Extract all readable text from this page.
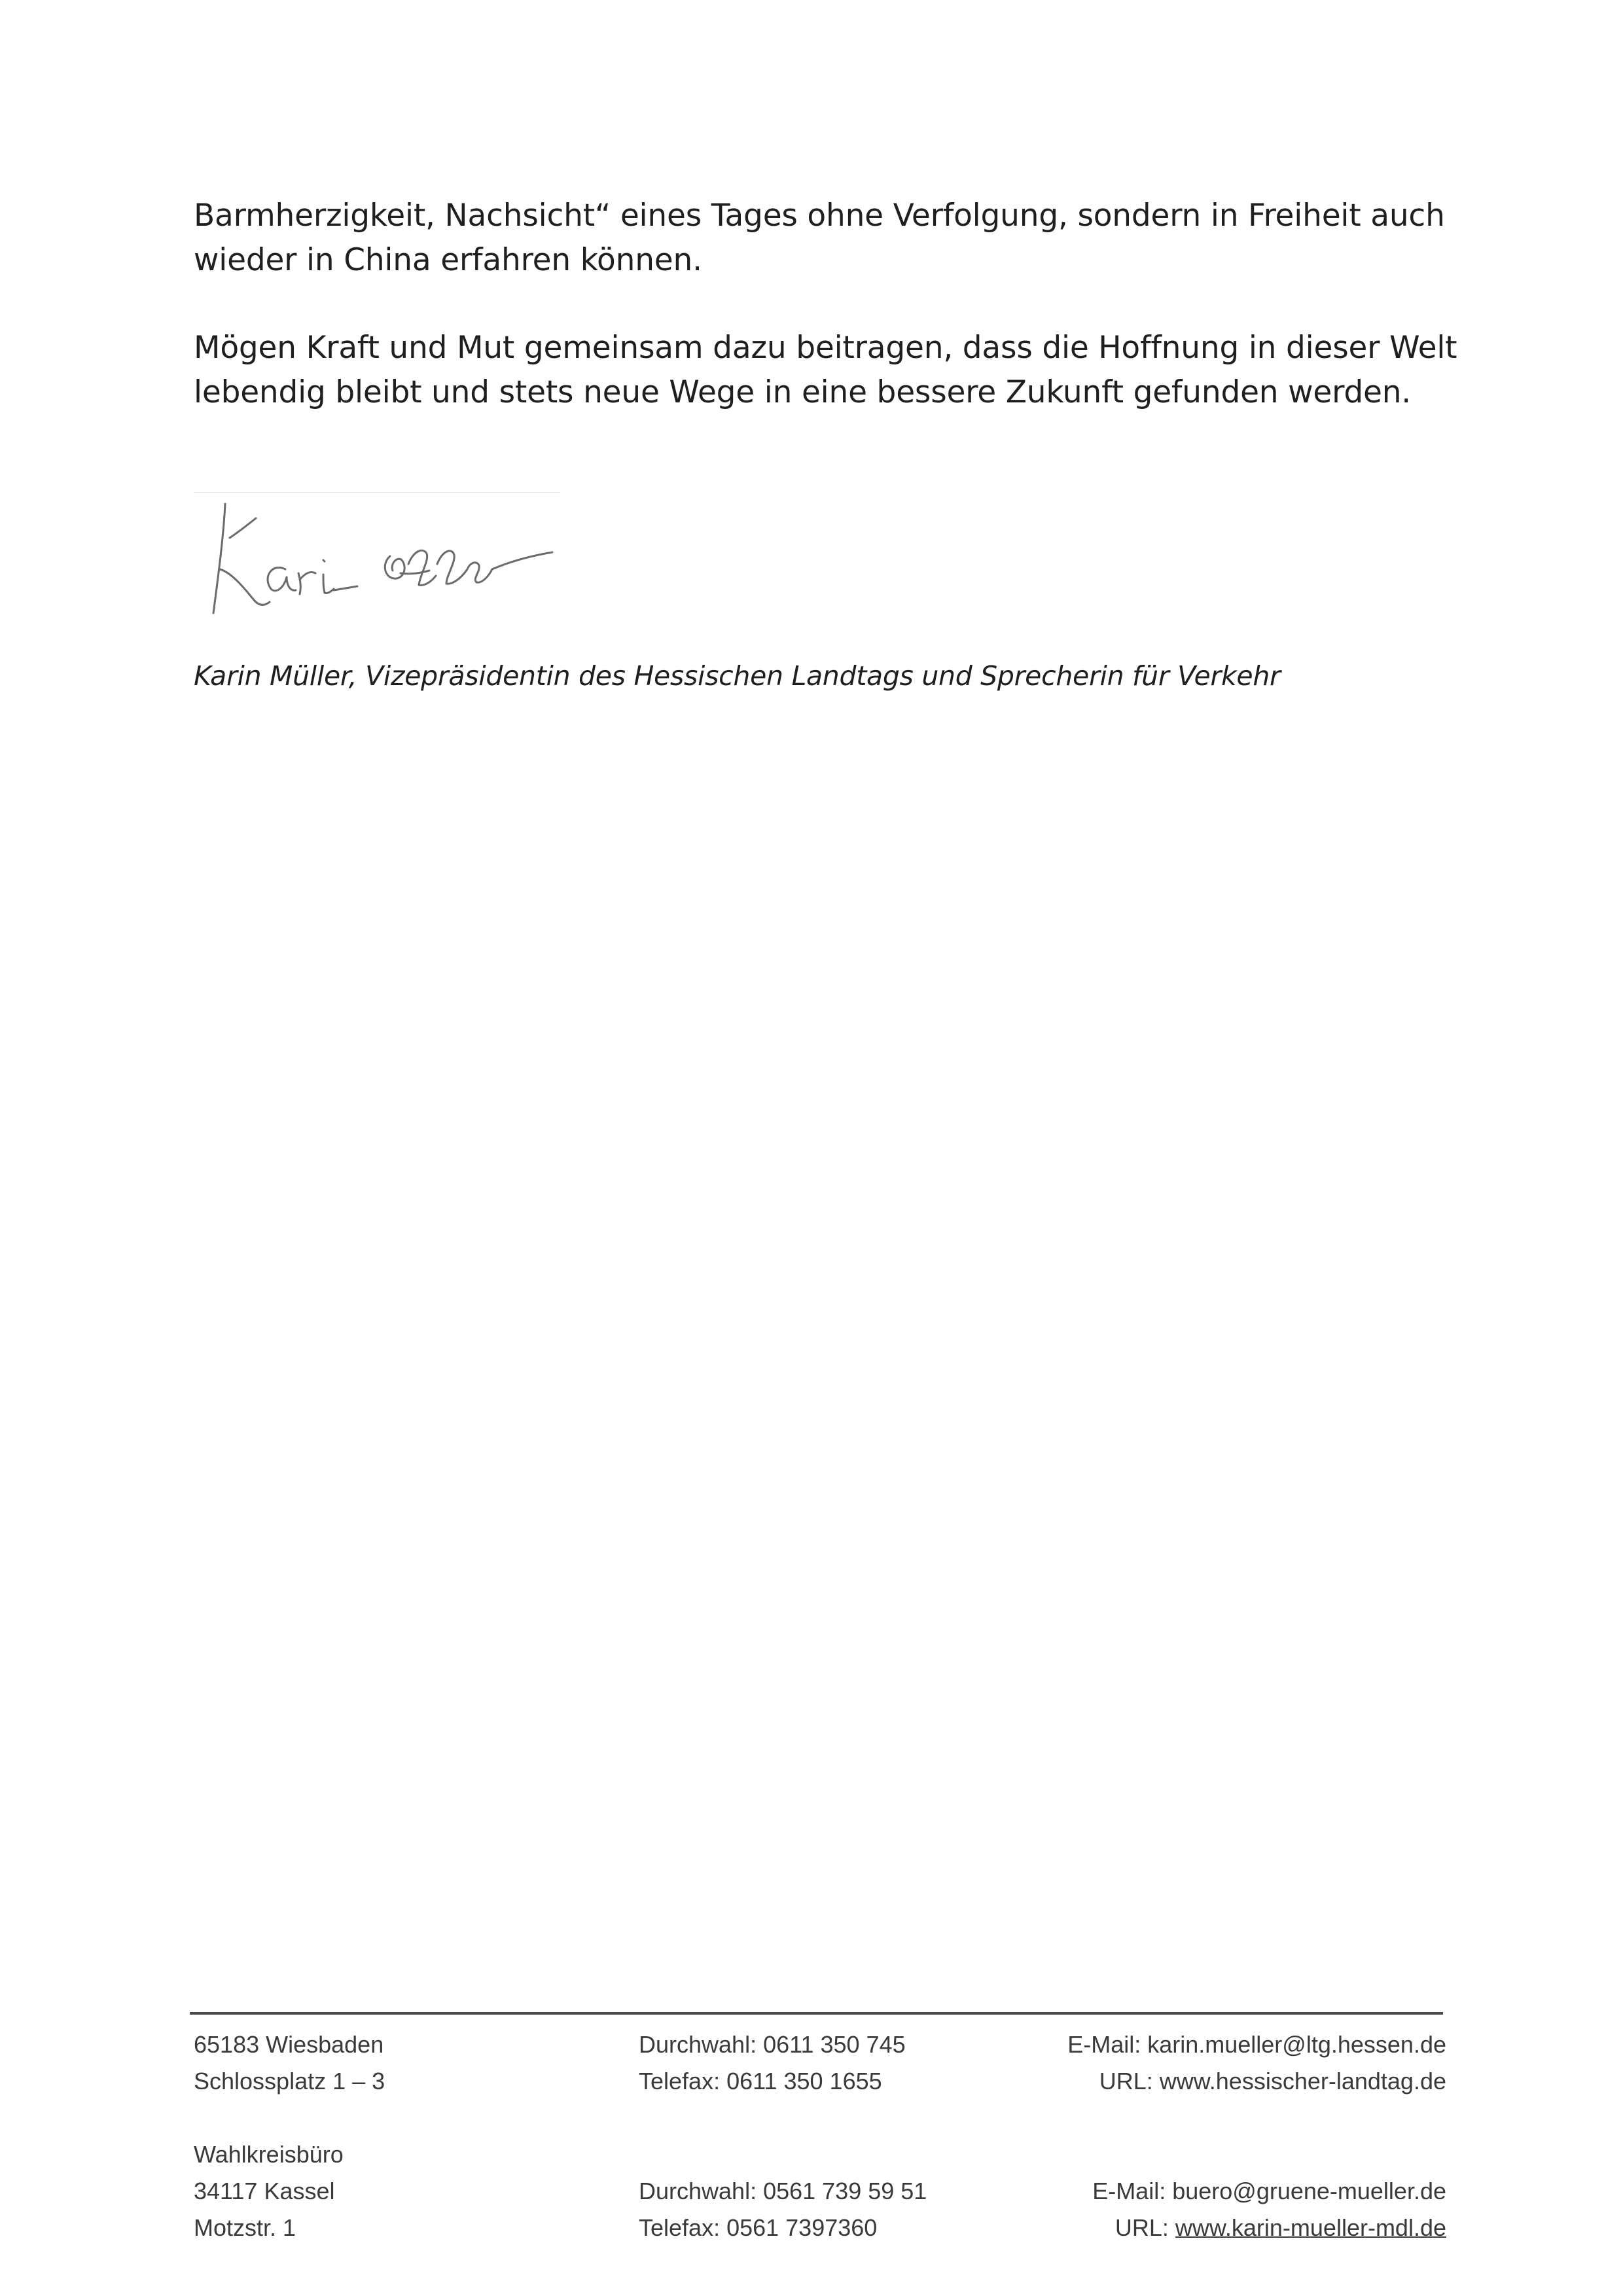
Barmherzigkeit, Nachsicht“ eines Tages ohne Verfolgung, sondern in Freiheit auch
wieder in China erfahren können.
Mögen Kraft und Mut gemeinsam dazu beitragen, dass die Hoffnung in dieser Welt
lebendig bleibt und stets neue Wege in eine bessere Zukunft gefunden werden.
Karin Müller, Vizepräsidentin des Hessischen Landtags und Sprecherin für Verkehr
65183 Wiesbaden	Durchwahl: 0611 350 745	E-Mail: karin.mueller@ltg.hessen.de
Schlossplatz 1 – 3	Telefax: 0611 350 1655	URL: www.hessischer-landtag.de
Wahlkreisbüro
34117 Kassel	Durchwahl: 0561 739 59 51	E-Mail: buero@gruene-mueller.de
Motzstr. 1	Telefax: 0561 7397360	URL: www.karin-mueller-mdl.de
